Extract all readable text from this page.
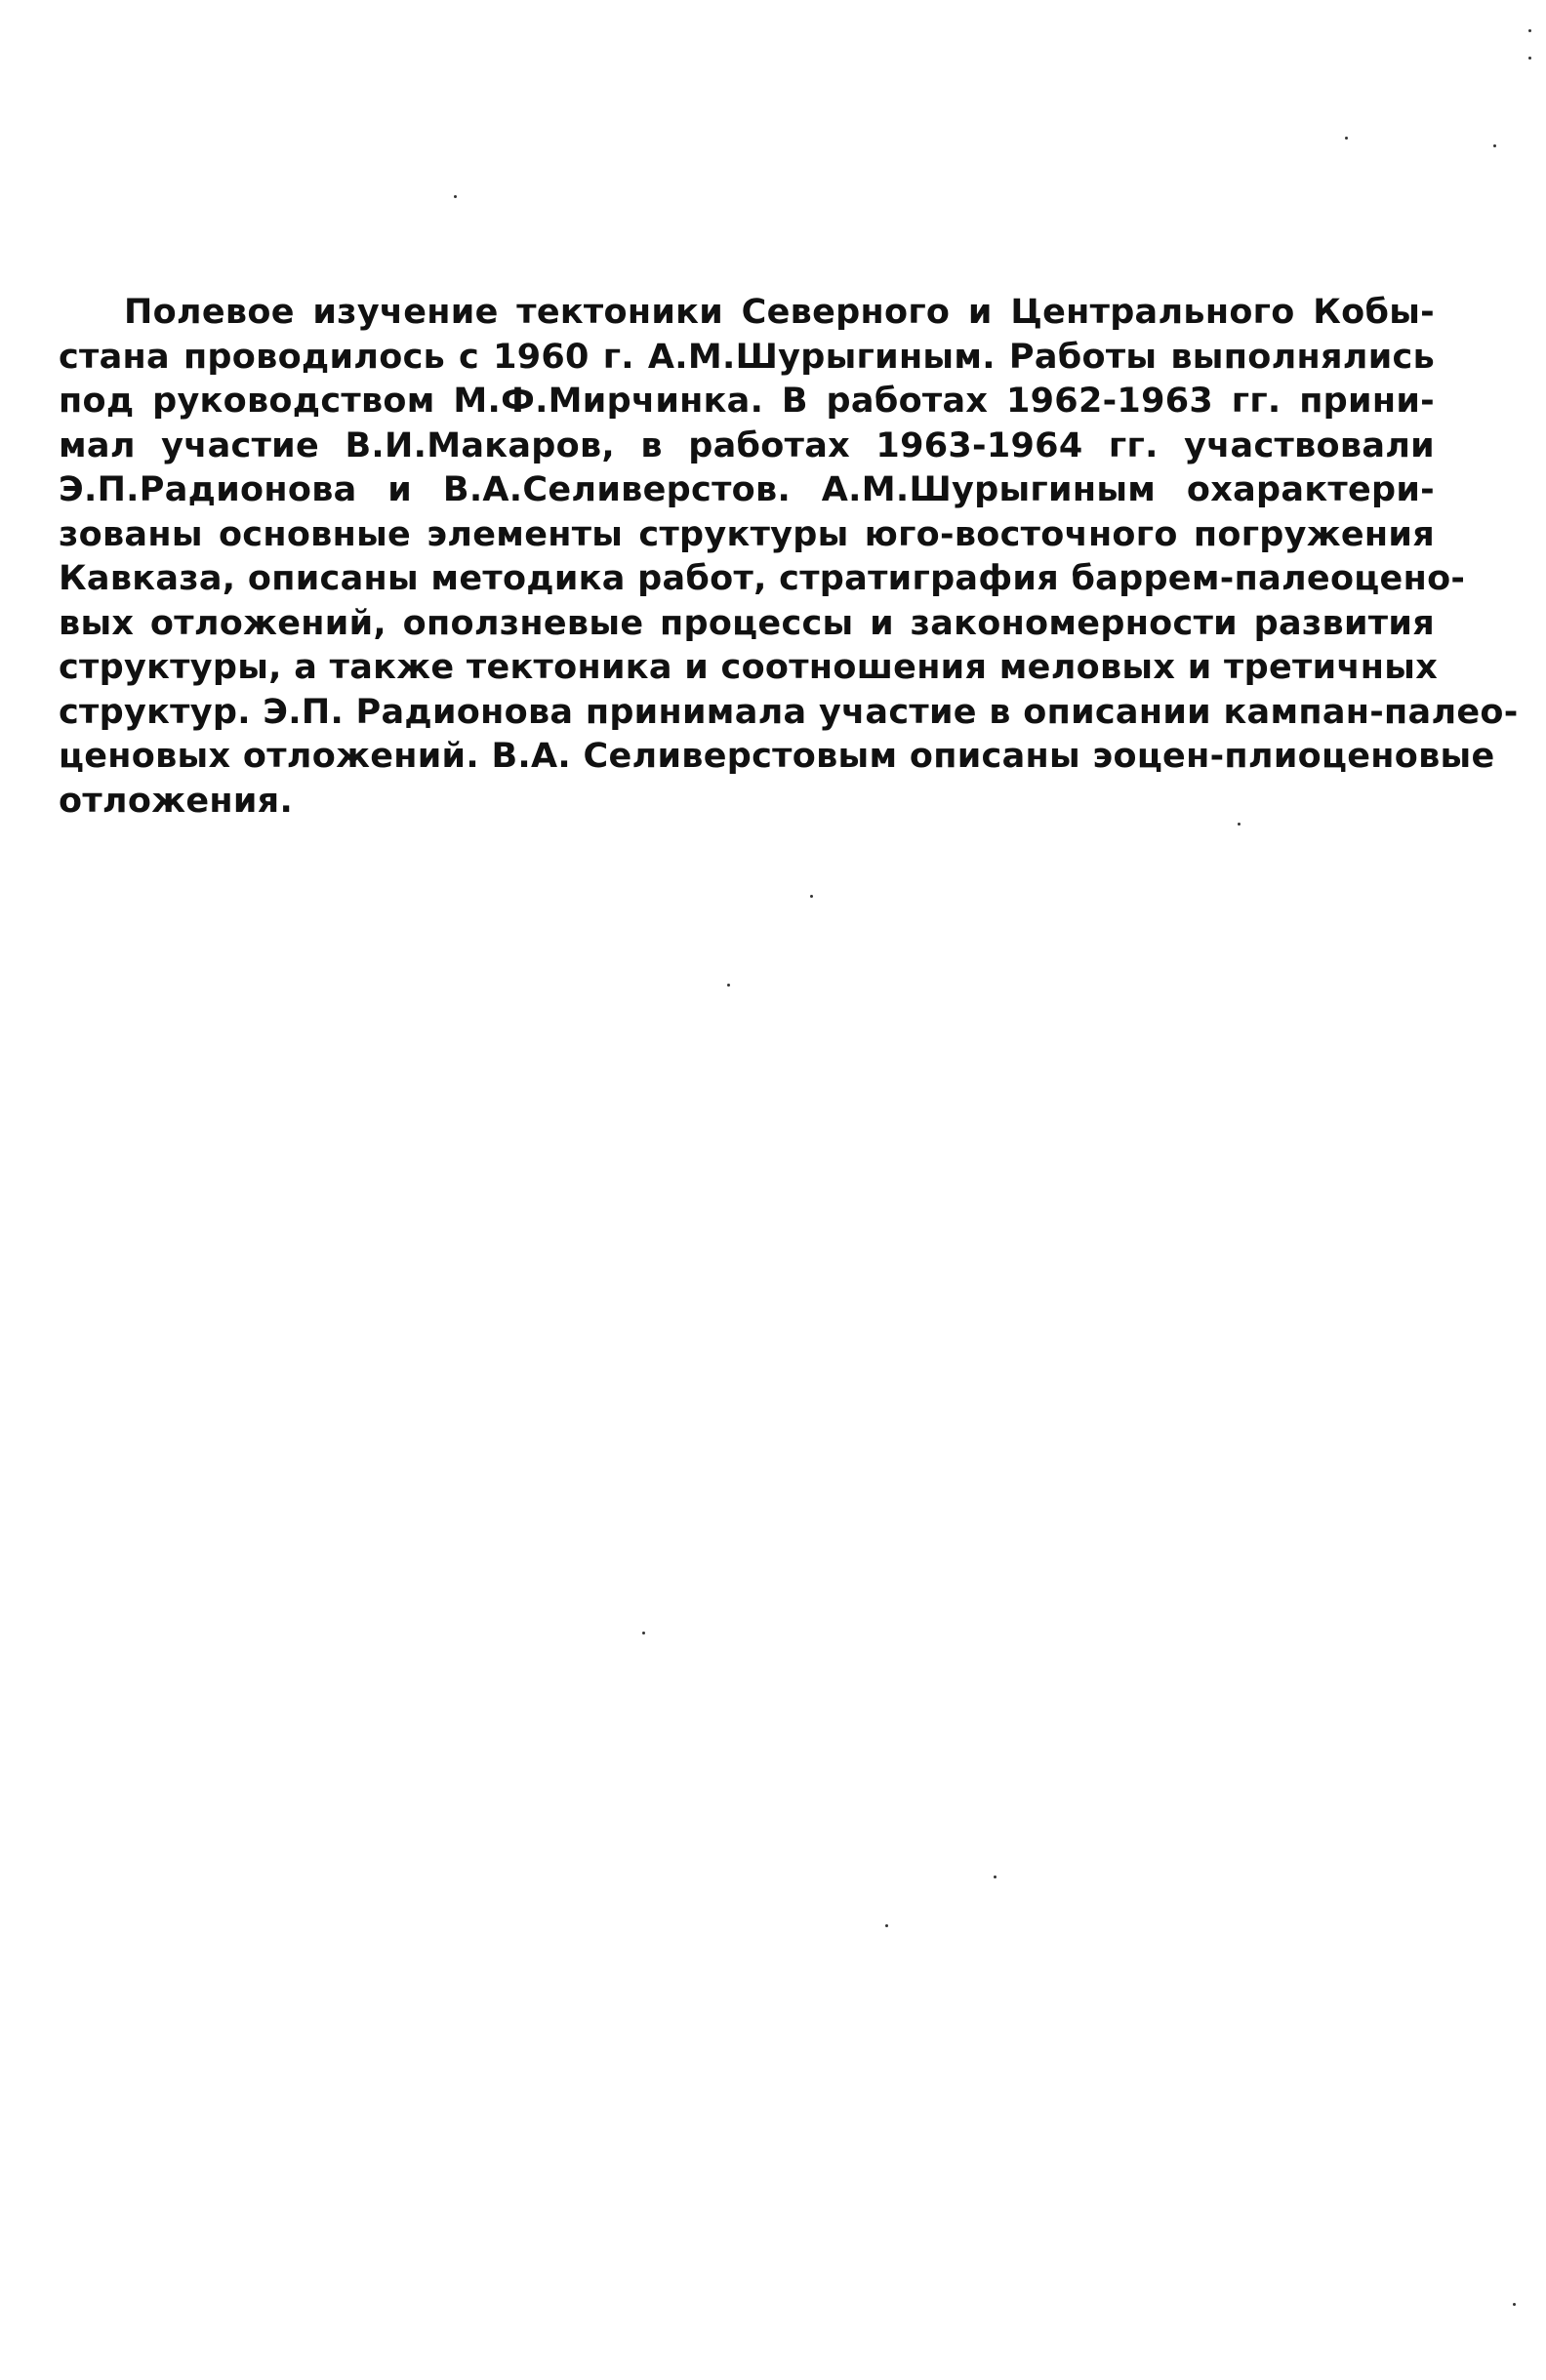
Полевое изучение тектоники Северного и Центрального Кобы-
стана проводилось с 1960 г. А.М.Шурыгиным. Работы выполнялись
под руководством М.Ф.Мирчинка. В работах 1962-1963 гг. прини-
мал участие В.И.Макаров, в работах 1963-1964 гг. участвовали
Э.П.Радионова и В.А.Селиверстов. А.М.Шурыгиным охарактери-
зованы основные элементы структуры юго-восточного погружения
Кавказа, описаны методика работ, стратиграфия баррем-палеоцено-
вых отложений, оползневые процессы и закономерности развития
структуры, а также тектоника и соотношения меловых и третичных
структур. Э.П. Радионова принимала участие в описании кампан-палео-
ценовых отложений. В.А. Селиверстовым описаны эоцен-плиоценовые
отложения.
